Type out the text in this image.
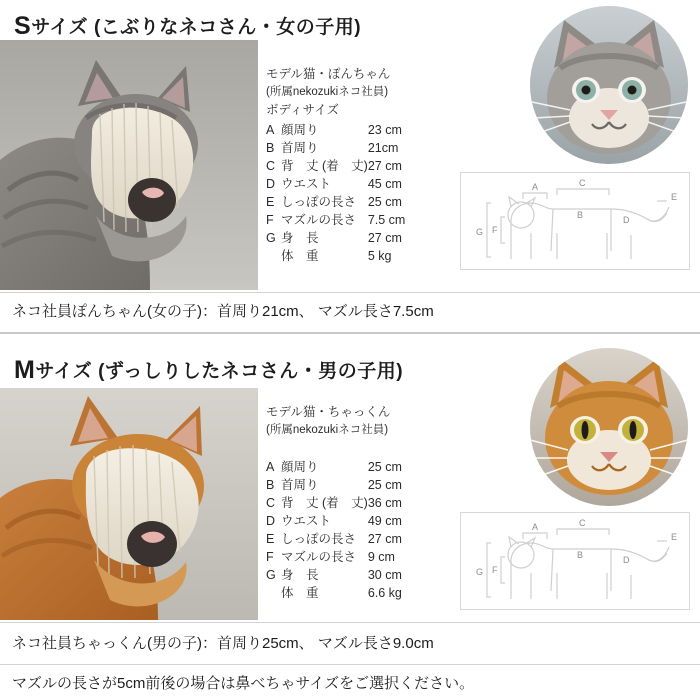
Sサイズ (こぶりなネコさん・女の子用)
モデル猫・ぽんちゃん
(所属nekozukiネコ社員)
ボディサイズ
A	顔周り	23 cm
B	首周り	21cm
C	背　丈 (着　丈)	27 cm
D	ウエスト	45 cm
E	しっぽの長さ	25 cm
F	マズルの長さ	7.5 cm
G	身　長	27 cm
	体　重	5 kg
A
B
C
D
E
F
G
ネコ社員ぽんちゃん(女の子)：首周り21cm、 マズル長さ7.5cm
Mサイズ (ずっしりしたネコさん・男の子用)
モデル猫・ちゃっくん
(所属nekozukiネコ社員)
A	顔周り	25 cm
B	首周り	25 cm
C	背　丈 (着　丈)	36 cm
D	ウエスト	49 cm
E	しっぽの長さ	27 cm
F	マズルの長さ	9 cm
G	身　長	30 cm
	体　重	6.6 kg
A
B
C
D
E
F
G
ネコ社員ちゃっくん(男の子)：首周り25cm、 マズル長さ9.0cm
マズルの長さが5cm前後の場合は鼻べちゃサイズをご選択ください。
